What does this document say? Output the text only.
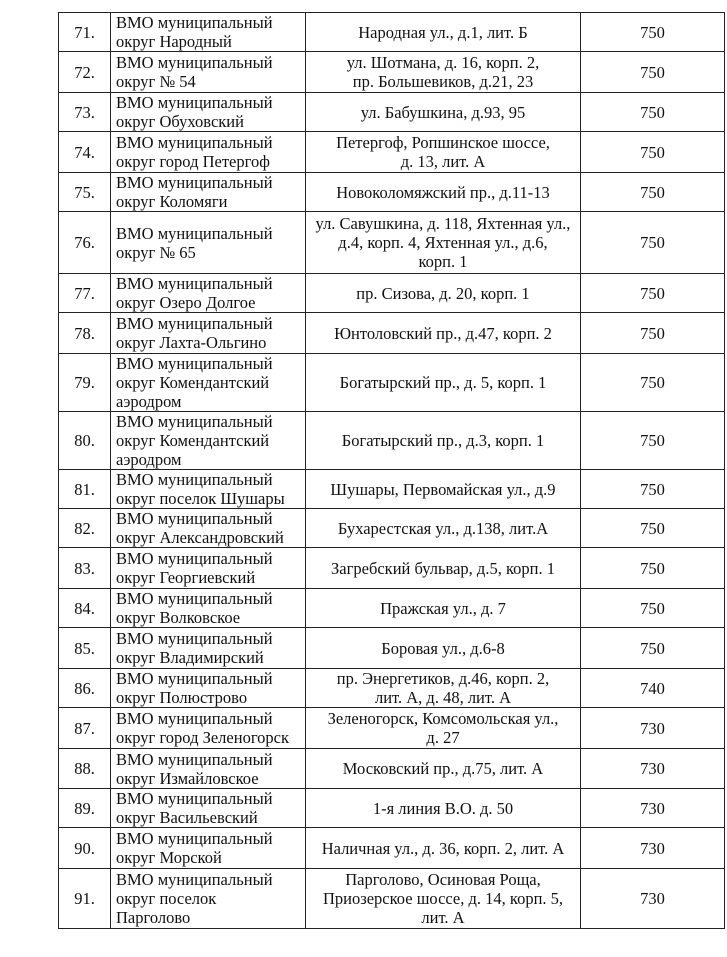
71.	ВМО муниципальный
округ Народный	Народная ул., д.1, лит. Б	750
72.	ВМО муниципальный
округ № 54	ул. Шотмана, д. 16, корп. 2,
пр. Большевиков, д.21, 23	750
73.	ВМО муниципальный
округ Обуховский	ул. Бабушкина, д.93, 95	750
74.	ВМО муниципальный
округ город Петергоф	Петергоф, Ропшинское шоссе,
д. 13, лит. А	750
75.	ВМО муниципальный
округ Коломяги	Новоколомяжский пр., д.11-13	750
76.	ВМО муниципальный
округ № 65	ул. Савушкина, д. 118, Яхтенная ул.,
д.4, корп. 4, Яхтенная ул., д.6,
корп. 1	750
77.	ВМО муниципальный
округ Озеро Долгое	пр. Сизова, д. 20, корп. 1	750
78.	ВМО муниципальный
округ Лахта-Ольгино	Юнтоловский пр., д.47, корп. 2	750
79.	ВМО муниципальный
округ Комендантский
аэродром	Богатырский пр., д. 5, корп. 1	750
80.	ВМО муниципальный
округ Комендантский
аэродром	Богатырский пр., д.3, корп. 1	750
81.	ВМО муниципальный
округ поселок Шушары	Шушары, Первомайская ул., д.9	750
82.	ВМО муниципальный
округ Александровский	Бухарестская ул., д.138, лит.А	750
83.	ВМО муниципальный
округ Георгиевский	Загребский бульвар, д.5, корп. 1	750
84.	ВМО муниципальный
округ Волковское	Пражская ул., д. 7	750
85.	ВМО муниципальный
округ Владимирский	Боровая ул., д.6-8	750
86.	ВМО муниципальный
округ Полюстрово	пр. Энергетиков, д.46, корп. 2,
лит. А, д. 48, лит. А	740
87.	ВМО муниципальный
округ город Зеленогорск	Зеленогорск, Комсомольская ул.,
д. 27	730
88.	ВМО муниципальный
округ Измайловское	Московский пр., д.75, лит. А	730
89.	ВМО муниципальный
округ Васильевский	1-я линия В.О. д. 50	730
90.	ВМО муниципальный
округ Морской	Наличная ул., д. 36, корп. 2, лит. А	730
91.	ВМО муниципальный
округ поселок
Парголово	Парголово, Осиновая Роща,
Приозерское шоссе, д. 14, корп. 5,
лит. А	730
